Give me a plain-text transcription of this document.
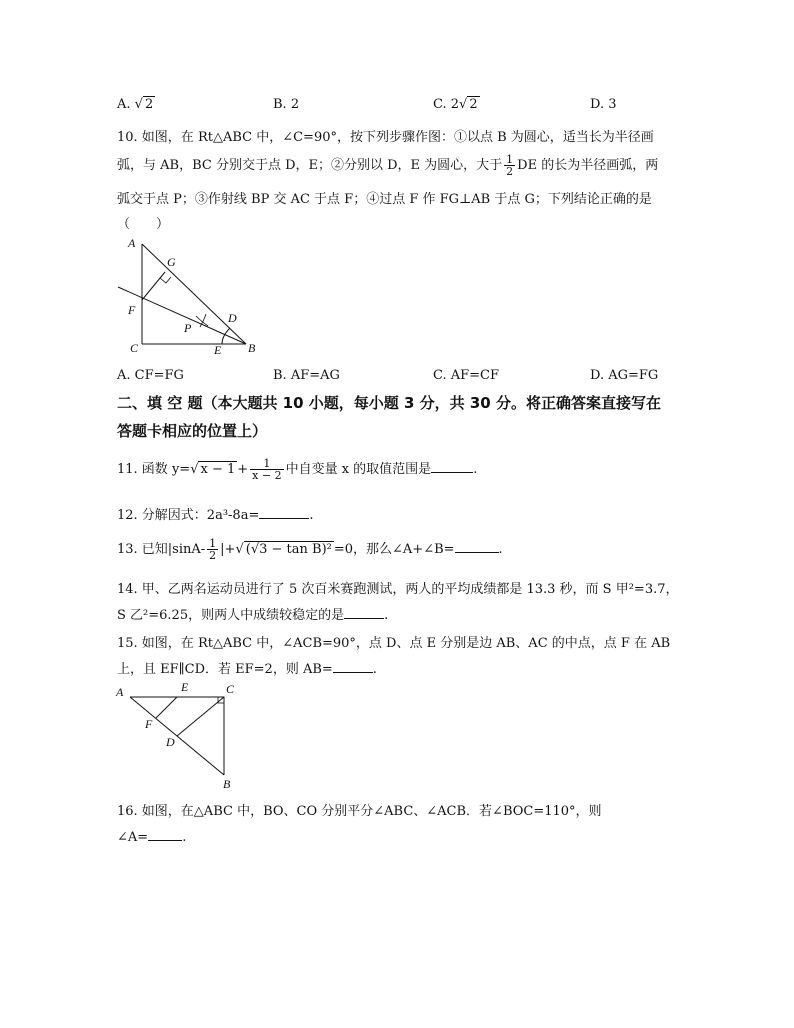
A. √ 2	B. 2	C. 2√ 2	D. 3
10. 如图，在 Rt△ABC 中，∠C=90°，按下列步骤作图：①以点 B 为圆心，适当长为半径画
弧，与 AB，BC 分别交于点 D，E；②分别以 D，E 为圆心，大于 $\frac{1}{2}$ DE 的长为半径画弧，两
弧交于点 P；③作射线 BP 交 AC 于点 F；④过点 F 作 FG⊥AB 于点 G；下列结论正确的是
（　　）
A
G
F
P
D
C	E B
A. CF=FG	B. AF=AG	C. AF=CF	D. AG=FG
二、填 空 题（本大题共 10 小题，每小题 3 分，共 30 分。将正确答案直接写在
答题卡相应的位置上）
11. 函数 y=√ $x - 1 + \frac{1}{x - 2}$ 中自变量 x 的取值范围是	.
12. 分解因式：2a³-8a=	.
13. 已知$|\sin A- \frac{1}{2}$ |+√ (√3 − tan B)² =0，那么∠A+∠B=	.
14. 甲、乙两名运动员进行了 5 次百米赛跑测试，两人的平均成绩都是 13.3 秒，而 S 甲²=3.7，
S 乙²=6.25，则两人中成绩较稳定的是	.
15. 如图，在 Rt△ABC 中，∠ACB=90°，点 D、点 E 分别是边 AB、AC 的中点，点 F 在 AB
上，且 EF∥CD．若 EF=2，则 AB=	.
A	E	C
F
D
B
16. 如图，在△ABC 中，BO、CO 分别平分∠ABC、∠ACB．若∠BOC=110°，则
∠A=	.
